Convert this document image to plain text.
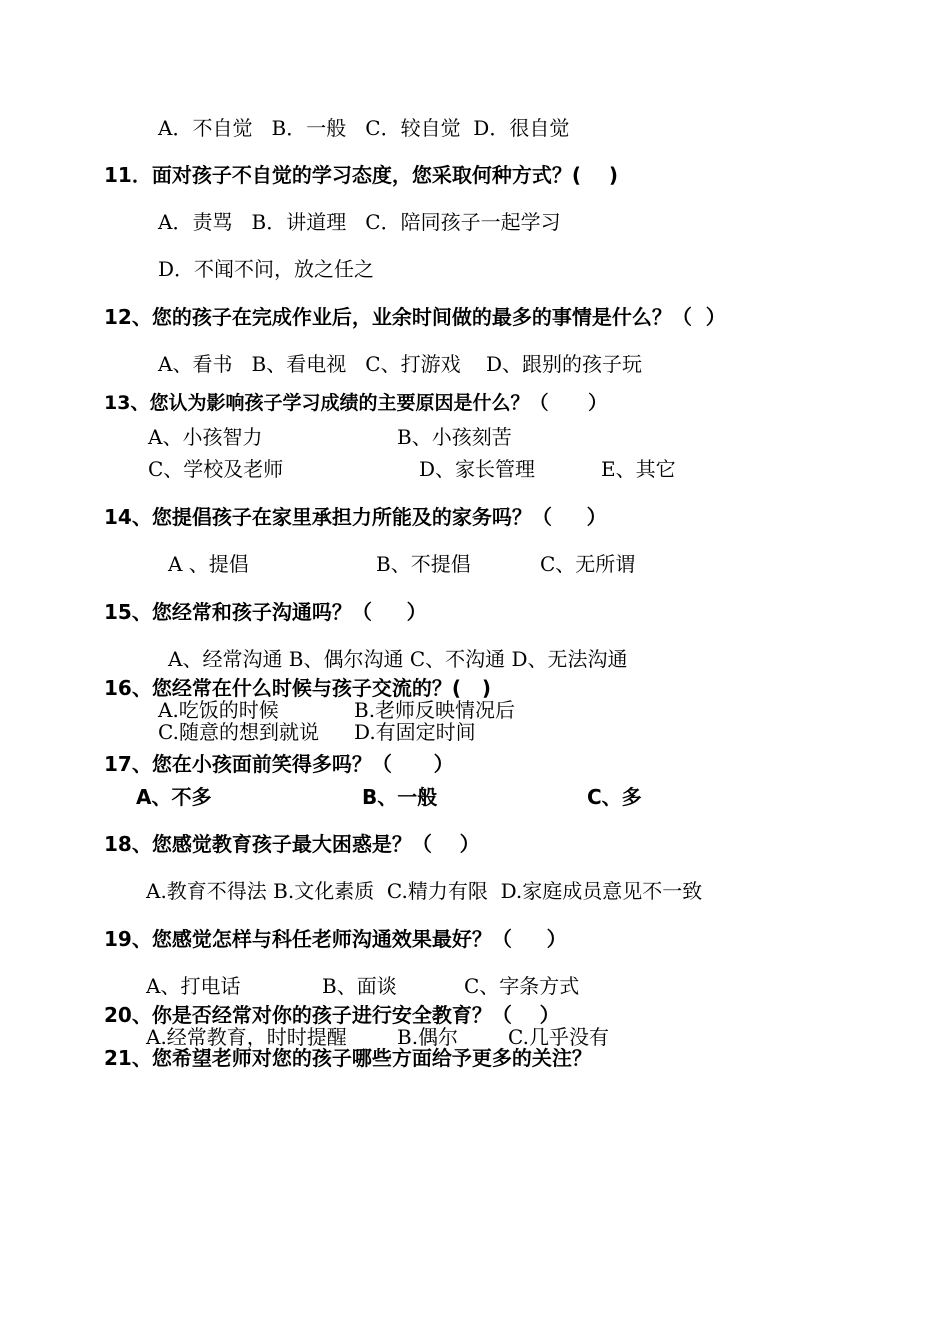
A．不自觉   B．一般   C．较自觉  D．很自觉
11．面对孩子不自觉的学习态度，您采取何种方式？(    )
A．责骂   B．讲道理   C．陪同孩子一起学习
D．不闻不问，放之任之
12、您的孩子在完成作业后，业余时间做的最多的事情是什么？（  ）
A、看书   B、看电视   C、打游戏    D、跟别的孩子玩
13、您认为影响孩子学习成绩的主要原因是什么？（      ）
A、小孩智力	B、小孩刻苦
C、学校及老师	D、家长管理	E、其它
14、您提倡孩子在家里承担力所能及的家务吗？（     ）
A 、提倡	B、不提倡	C、无所谓
15、您经常和孩子沟通吗？（     ）
A、经常沟通 B、偶尔沟通 C、不沟通 D、无法沟通
16、您经常在什么时候与孩子交流的？(   )
A.吃饭的时候	B.老师反映情况后
C.随意的想到就说 D.有固定时间
17、您在小孩面前笑得多吗？（      ）
A、不多	B、一般	C、多
18、您感觉教育孩子最大困惑是？（    ）
A.教育不得法 B.文化素质  C.精力有限  D.家庭成员意见不一致
19、您感觉怎样与科任老师沟通效果最好？（     ）
A、打电话	B、面谈	C、字条方式
20、你是否经常对你的孩子进行安全教育？（    ）
A.经常教育，时时提醒	B.偶尔 C.几乎没有
21、您希望老师对您的孩子哪些方面给予更多的关注？
